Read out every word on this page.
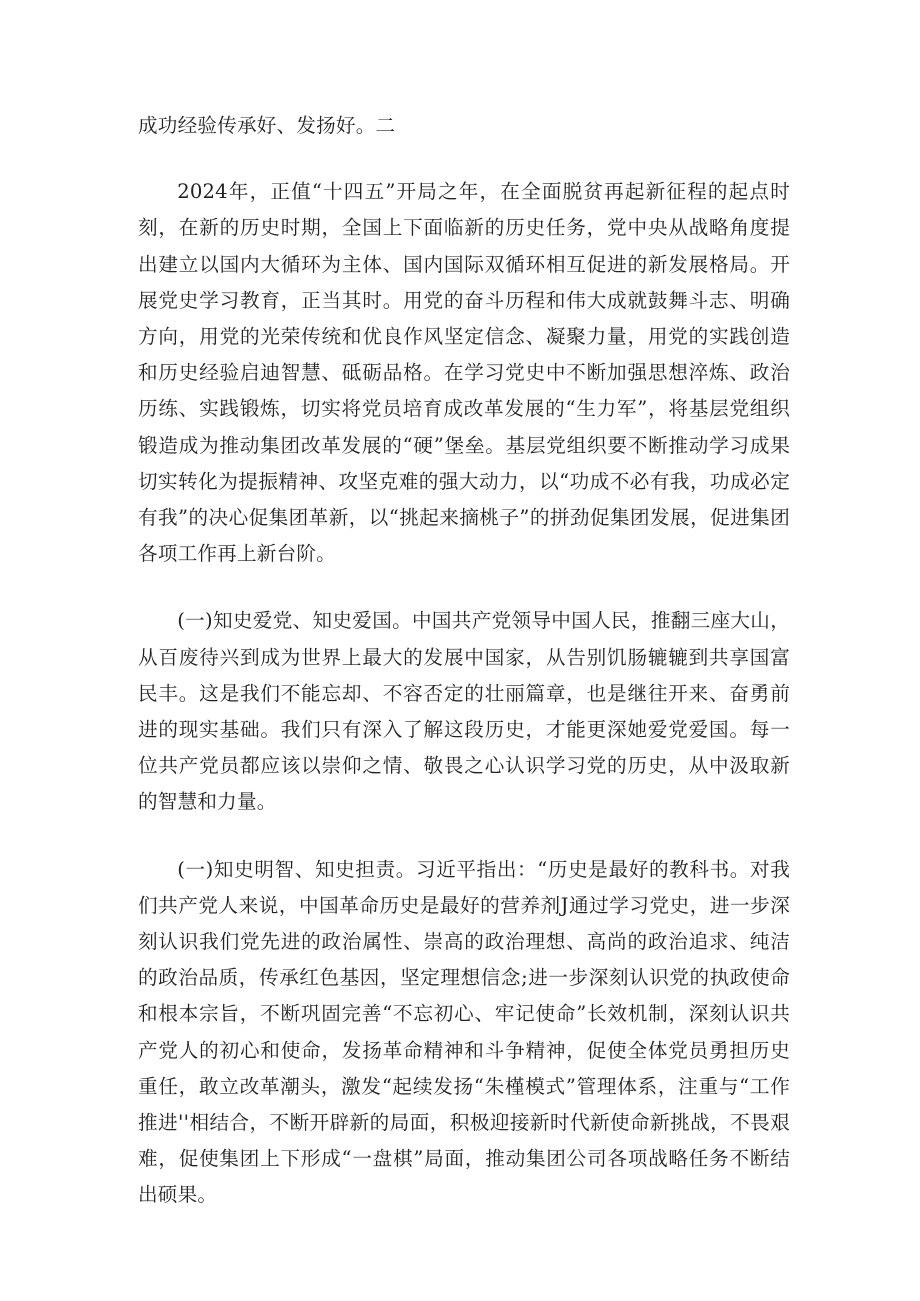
成功经验传承好、发扬好。二

2024年，正值“十四五”开局之年，在全面脱贫再起新征程的起点时刻，在新的历史时期，全国上下面临新的历史任务，党中央从战略角度提出建立以国内大循环为主体、国内国际双循环相互促进的新发展格局。开展党史学习教育，正当其时。用党的奋斗历程和伟大成就鼓舞斗志、明确方向，用党的光荣传统和优良作风坚定信念、凝聚力量，用党的实践创造和历史经验启迪智慧、砥砺品格。在学习党史中不断加强思想淬炼、政治历练、实践锻炼，切实将党员培育成改革发展的“生力军”，将基层党组织锻造成为推动集团改革发展的“硬”堡垒。基层党组织要不断推动学习成果切实转化为提振精神、攻坚克难的强大动力，以“功成不必有我，功成必定有我”的决心促集团革新，以“挑起来摘桃子”的拼劲促集团发展，促进集团各项工作再上新台阶。

(一)知史爱党、知史爱国。中国共产党领导中国人民，推翻三座大山，从百废待兴到成为世界上最大的发展中国家，从告别饥肠辘辘到共享国富民丰。这是我们不能忘却、不容否定的壮丽篇章，也是继往开来、奋勇前进的现实基础。我们只有深入了解这段历史，才能更深她爱党爱国。每一位共产党员都应该以崇仰之情、敬畏之心认识学习党的历史，从中汲取新的智慧和力量。

(一)知史明智、知史担责。习近平指出：“历史是最好的教科书。对我们共产党人来说，中国革命历史是最好的营养剂J通过学习党史，进一步深刻认识我们党先进的政治属性、崇高的政治理想、高尚的政治追求、纯洁的政治品质，传承红色基因，坚定理想信念;进一步深刻认识党的执政使命和根本宗旨，不断巩固完善“不忘初心、牢记使命”长效机制，深刻认识共产党人的初心和使命，发扬革命精神和斗争精神，促使全体党员勇担历史重任，敢立改革潮头，激发“起续发扬“朱槿模式”管理体系，注重与“工作推进''相结合，不断开辟新的局面，积极迎接新时代新使命新挑战，不畏艰难，促使集团上下形成“一盘棋”局面，推动集团公司各项战略任务不断结出硕果。
